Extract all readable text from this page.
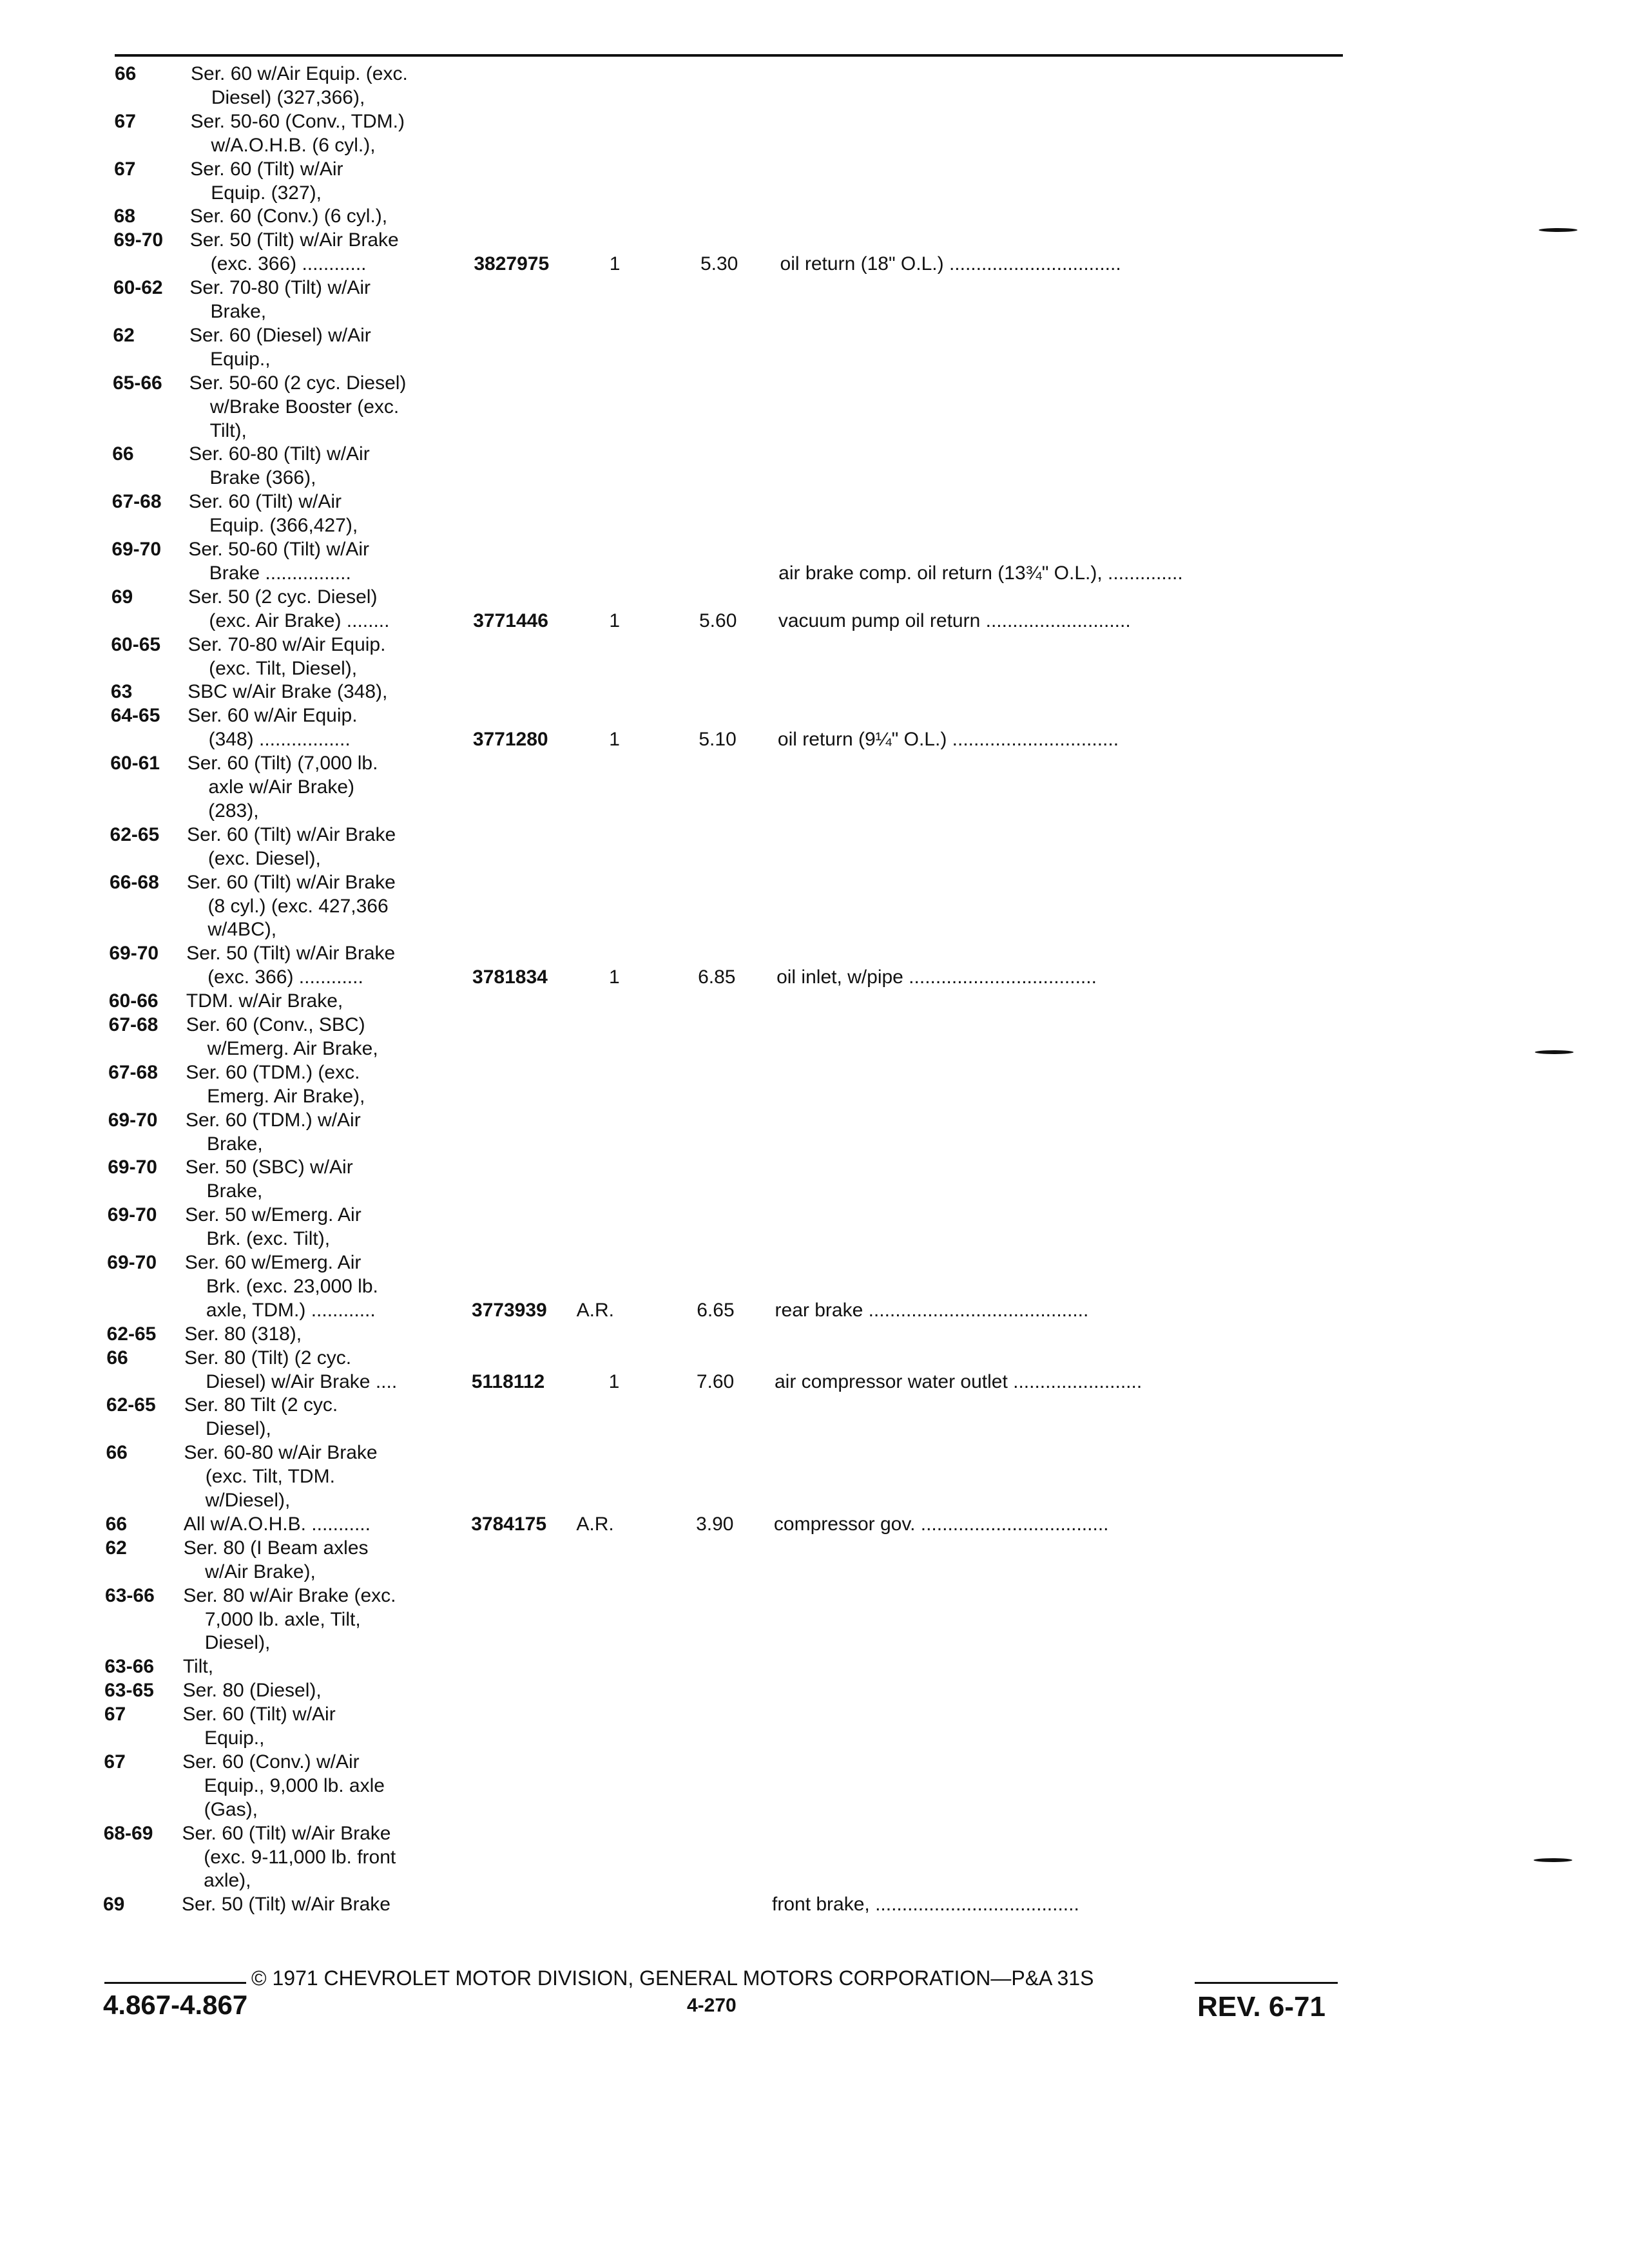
66	Ser. 60 w/Air Equip. (exc.
Diesel) (327,366),
67	Ser. 50-60 (Conv., TDM.)
w/A.O.H.B. (6 cyl.),
67	Ser. 60 (Tilt) w/Air
Equip. (327),
68	Ser. 60 (Conv.) (6 cyl.),
69-70 Ser. 50 (Tilt) w/Air Brake
(exc. 366) ............	3827975	1	5.30 oil return (18" O.L.) ................................
60-62 Ser. 70-80 (Tilt) w/Air
Brake,
62	Ser. 60 (Diesel) w/Air
Equip.,
65-66 Ser. 50-60 (2 cyc. Diesel)
w/Brake Booster (exc.
Tilt),
66	Ser. 60-80 (Tilt) w/Air
Brake (366),
67-68 Ser. 60 (Tilt) w/Air
Equip. (366,427),
69-70 Ser. 50-60 (Tilt) w/Air
Brake ................	air brake comp. oil return (13¾" O.L.), ..............
69	Ser. 50 (2 cyc. Diesel)
(exc. Air Brake) ........	3771446	1	5.60 vacuum pump oil return ...........................
60-65 Ser. 70-80 w/Air Equip.
(exc. Tilt, Diesel),
63	SBC w/Air Brake (348),
64-65 Ser. 60 w/Air Equip.
(348) .................	3771280	1	5.10 oil return (9¼" O.L.) ...............................
60-61 Ser. 60 (Tilt) (7,000 lb.
axle w/Air Brake)
(283),
62-65 Ser. 60 (Tilt) w/Air Brake
(exc. Diesel),
66-68 Ser. 60 (Tilt) w/Air Brake
(8 cyl.) (exc. 427,366
w/4BC),
69-70 Ser. 50 (Tilt) w/Air Brake
(exc. 366) ............	3781834	1	6.85 oil inlet, w/pipe ...................................
60-66 TDM. w/Air Brake,
67-68 Ser. 60 (Conv., SBC)
w/Emerg. Air Brake,
67-68 Ser. 60 (TDM.) (exc.
Emerg. Air Brake),
69-70 Ser. 60 (TDM.) w/Air
Brake,
69-70 Ser. 50 (SBC) w/Air
Brake,
69-70 Ser. 50 w/Emerg. Air
Brk. (exc. Tilt),
69-70 Ser. 60 w/Emerg. Air
Brk. (exc. 23,000 lb.
axle, TDM.) ............	3773939 A.R.	6.65 rear brake .........................................
62-65 Ser. 80 (318),
66	Ser. 80 (Tilt) (2 cyc.
Diesel) w/Air Brake ....	5118112	1	7.60 air compressor water outlet ........................
62-65 Ser. 80 Tilt (2 cyc.
Diesel),
66	Ser. 60-80 w/Air Brake
(exc. Tilt, TDM.
w/Diesel),
66	All w/A.O.H.B. ...........	3784175 A.R.	3.90 compressor gov. ...................................
62	Ser. 80 (I Beam axles
w/Air Brake),
63-66 Ser. 80 w/Air Brake (exc.
7,000 lb. axle, Tilt,
Diesel),
63-66 Tilt,
63-65 Ser. 80 (Diesel),
67	Ser. 60 (Tilt) w/Air
Equip.,
67	Ser. 60 (Conv.) w/Air
Equip., 9,000 lb. axle
(Gas),
68-69 Ser. 60 (Tilt) w/Air Brake
(exc. 9-11,000 lb. front
axle),
69	Ser. 50 (Tilt) w/Air Brake	front brake, ......................................
© 1971 CHEVROLET MOTOR DIVISION, GENERAL MOTORS CORPORATION—P&A 31S
4.867-4.867	4-270	REV. 6-71
